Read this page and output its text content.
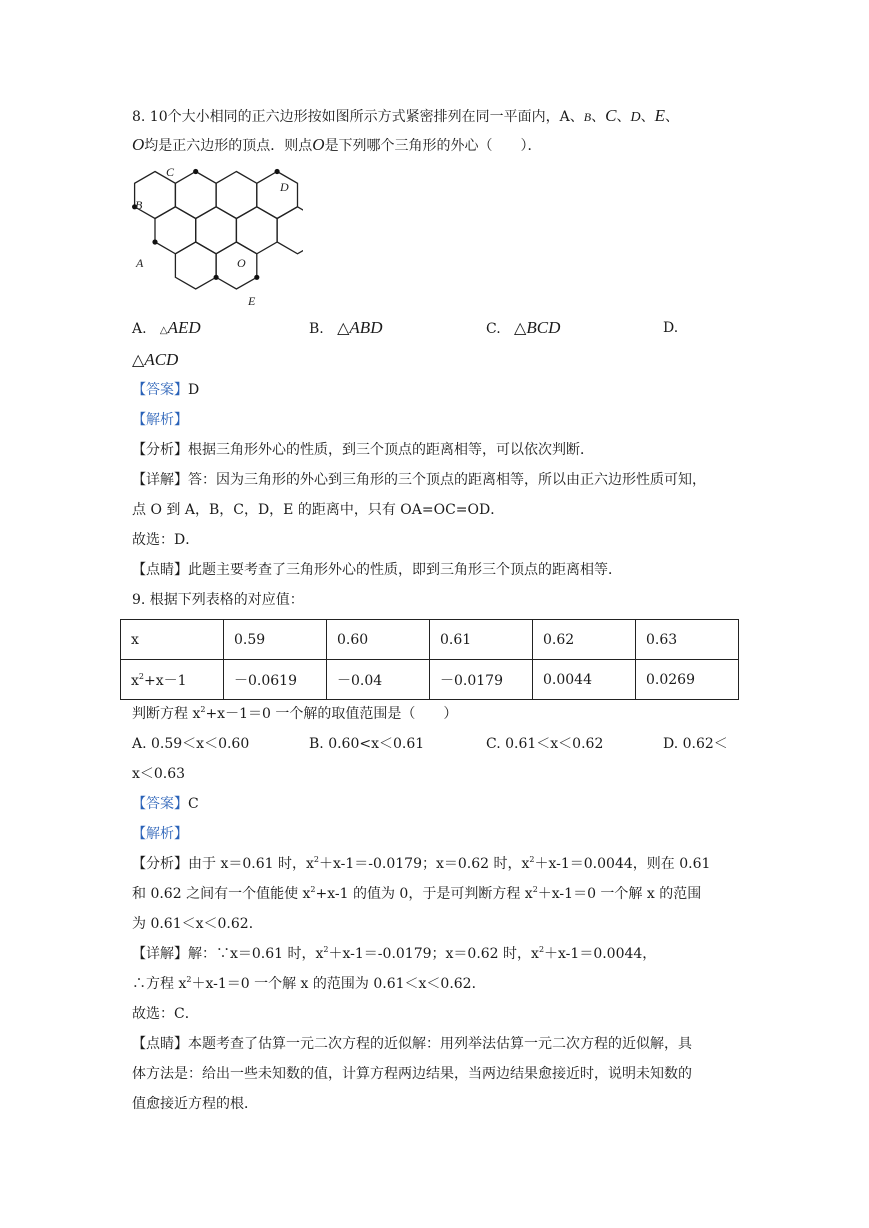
8. 10个大小相同的正六边形按如图所示方式紧密排列在同一平面内，A、B、C、D、E、
O均是正六边形的顶点．则点O是下列哪个三角形的外心（　　）．
C
D
B
A	O
E
A. △AED	B. △ABD	C. △BCD	D.
△ACD
【答案】D
【解析】
【分析】根据三角形外心的性质，到三个顶点的距离相等，可以依次判断．
【详解】答：因为三角形的外心到三角形的三个顶点的距离相等，所以由正六边形性质可知，
点 O 到 A，B，C，D，E 的距离中，只有 OA=OC=OD．
故选：D．
【点睛】此题主要考查了三角形外心的性质，即到三角形三个顶点的距离相等．
9. 根据下列表格的对应值：
x	0.59	0.60	0.61	0.62	0.63
$x^2+x-1$	－0.0619	－0.04	－0.0179	0.0044	0.0269
判断方程 $x^2+x-1=0$ 一个解的取值范围是（　　）
A. 0.59＜x＜0.60	B. 0.60<x＜0.61	C. 0.61＜x＜0.62	D. 0.62＜
x＜0.63
【答案】C
【解析】
【分析】由于 x＝0.61 时，$x^2+x-1=-0.0179$；x＝0.62 时，$x^2+x-1=0.0044$，则在 0.61
和 0.62 之间有一个值能使 $x^2+x-1$ 的值为 0，于是可判断方程 $x^2+x-1=0$ 一个解 x 的范围
为 0.61＜x＜0.62．
【详解】解：∵x＝0.61 时，$x^2+x-1=-0.0179$；x＝0.62 时，$x^2+x-1=0.0044$，
∴方程 $x^2+x-1=0$ 一个解 x 的范围为 0.61＜x＜0.62．
故选：C．
【点睛】本题考查了估算一元二次方程的近似解：用列举法估算一元二次方程的近似解，具
体方法是：给出一些未知数的值，计算方程两边结果，当两边结果愈接近时，说明未知数的
值愈接近方程的根．
